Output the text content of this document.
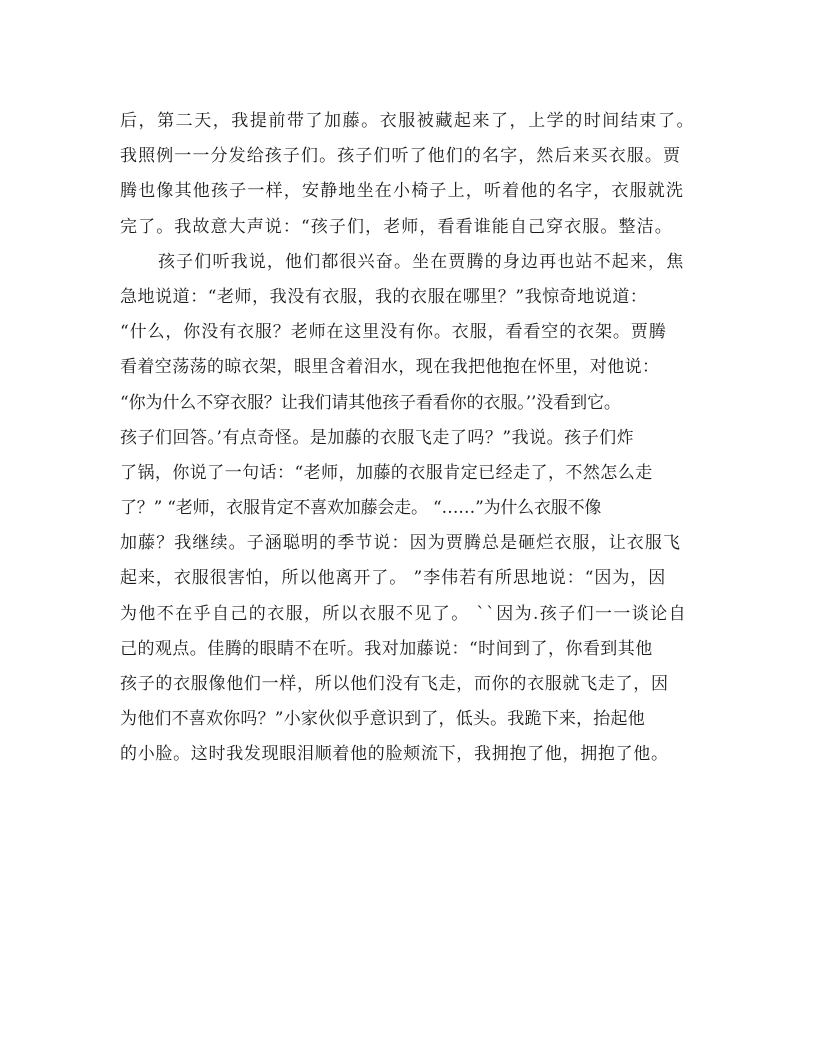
后，第二天，我提前带了加藤。衣服被藏起来了，上学的时间结束了。
我照例一一分发给孩子们。孩子们听了他们的名字，然后来买衣服。贾
腾也像其他孩子一样，安静地坐在小椅子上，听着他的名字，衣服就洗
完了。我故意大声说：“孩子们，老师，看看谁能自己穿衣服。整洁。
孩子们听我说，他们都很兴奋。坐在贾腾的身边再也站不起来，焦
急地说道：“老师，我没有衣服，我的衣服在哪里？”我惊奇地说道：
“什么，你没有衣服？老师在这里没有你。衣服，看看空的衣架。贾腾
看着空荡荡的晾衣架，眼里含着泪水，现在我把他抱在怀里，对他说：
“你为什么不穿衣服？让我们请其他孩子看看你的衣服。’’没看到它。
孩子们回答。’有点奇怪。是加藤的衣服飞走了吗？”我说。孩子们炸
了锅，你说了一句话：“老师，加藤的衣服肯定已经走了，不然怎么走
了？” “老师，衣服肯定不喜欢加藤会走。 “……”为什么衣服不像
加藤？我继续。子涵聪明的季节说：因为贾腾总是砸烂衣服，让衣服飞
起来，衣服很害怕，所以他离开了。 ”李伟若有所思地说：“因为，因
为他不在乎自己的衣服，所以衣服不见了。 ``因为.孩子们一一谈论自
己的观点。佳腾的眼睛不在听。我对加藤说：“时间到了，你看到其他
孩子的衣服像他们一样，所以他们没有飞走，而你的衣服就飞走了，因
为他们不喜欢你吗？”小家伙似乎意识到了，低头。我跪下来，抬起他
的小脸。这时我发现眼泪顺着他的脸颊流下，我拥抱了他，拥抱了他。
